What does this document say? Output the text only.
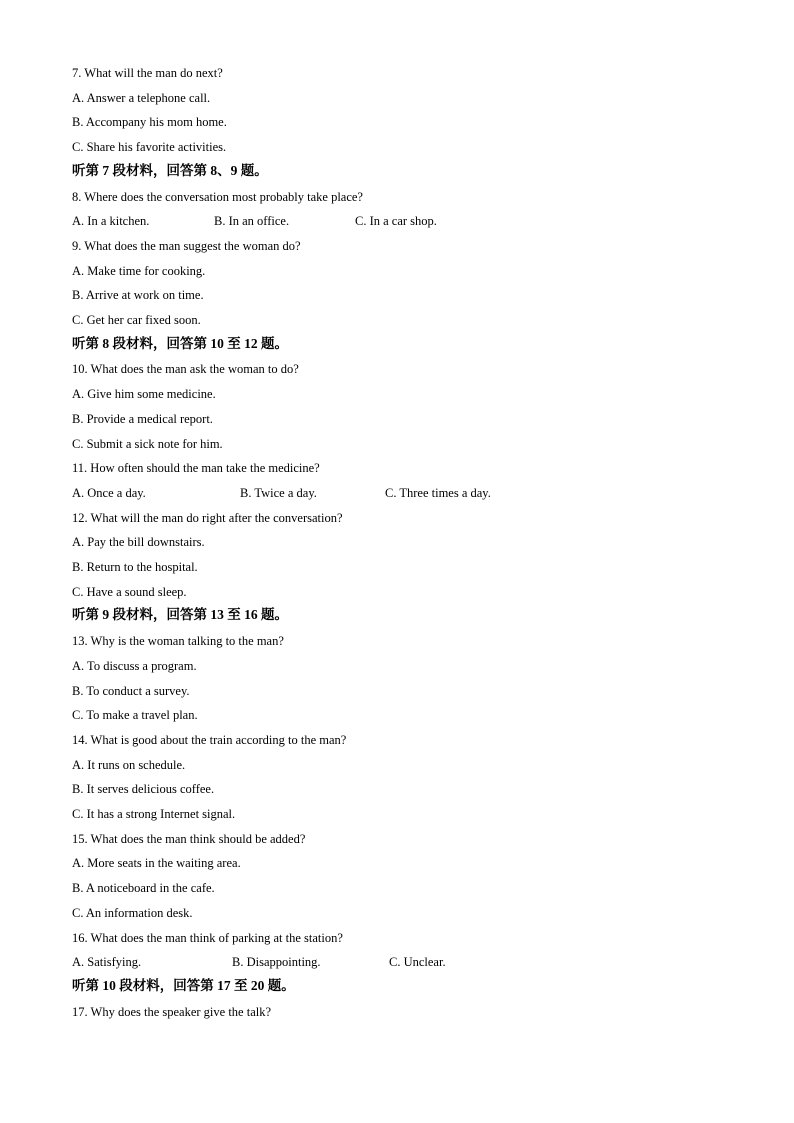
7. What will the man do next?
A. Answer a telephone call.
B. Accompany his mom home.
C. Share his favorite activities.
听第 7 段材料，回答第 8、9 题。
8. Where does the conversation most probably take place?
A. In a kitchen.	B. In an office.	C. In a car shop.
9. What does the man suggest the woman do?
A. Make time for cooking.
B. Arrive at work on time.
C. Get her car fixed soon.
听第 8 段材料，回答第 10 至 12 题。
10. What does the man ask the woman to do?
A. Give him some medicine.
B. Provide a medical report.
C. Submit a sick note for him.
11. How often should the man take the medicine?
A. Once a day.	B. Twice a day.	C. Three times a day.
12. What will the man do right after the conversation?
A. Pay the bill downstairs.
B. Return to the hospital.
C. Have a sound sleep.
听第 9 段材料，回答第 13 至 16 题。
13. Why is the woman talking to the man?
A. To discuss a program.
B. To conduct a survey.
C. To make a travel plan.
14. What is good about the train according to the man?
A. It runs on schedule.
B. It serves delicious coffee.
C. It has a strong Internet signal.
15. What does the man think should be added?
A. More seats in the waiting area.
B. A noticeboard in the cafe.
C. An information desk.
16. What does the man think of parking at the station?
A. Satisfying.	B. Disappointing.	C. Unclear.
听第 10 段材料，回答第 17 至 20 题。
17. Why does the speaker give the talk?
